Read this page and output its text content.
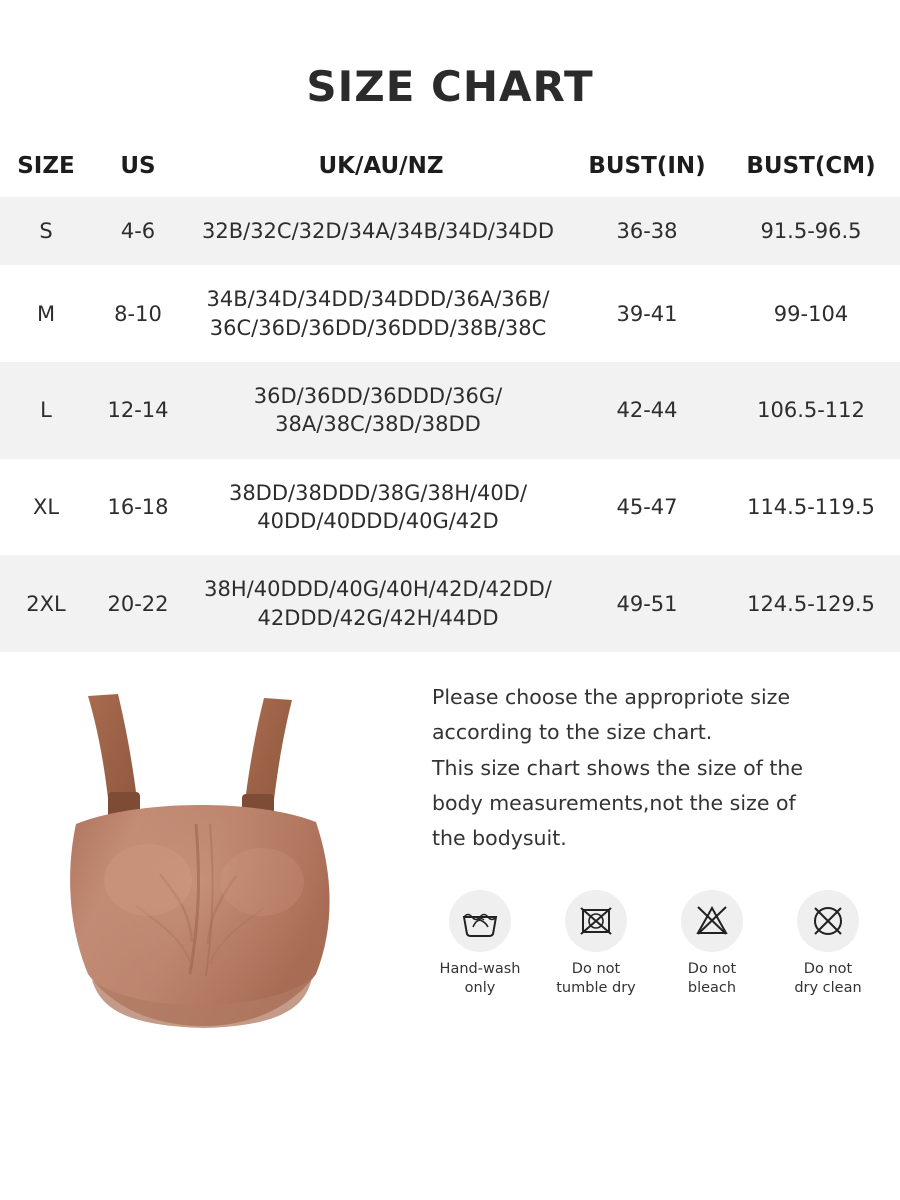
SIZE CHART
SIZE	US	UK/AU/NZ	BUST(IN)	BUST(CM)
S	4-6	32B/32C/32D/34A/34B/34D/34DD	36-38	91.5-96.5
M	8-10	34B/34D/34DD/34DDD/36A/36B/
36C/36D/36DD/36DDD/38B/38C	39-41	99-104
L	12-14	36D/36DD/36DDD/36G/
38A/38C/38D/38DD	42-44	106.5-112
XL	16-18	38DD/38DDD/38G/38H/40D/
40DD/40DDD/40G/42D	45-47	114.5-119.5
2XL	20-22	38H/40DDD/40G/40H/42D/42DD/
42DDD/42G/42H/44DD	49-51	124.5-129.5

Please choose the appropriote size

according to the size chart.

This size chart shows the size of the

body measurements,not the size of

the bodysuit.

Hand-wash
only
Do not
tumble dry
Do not
bleach
Do not
dry clean
